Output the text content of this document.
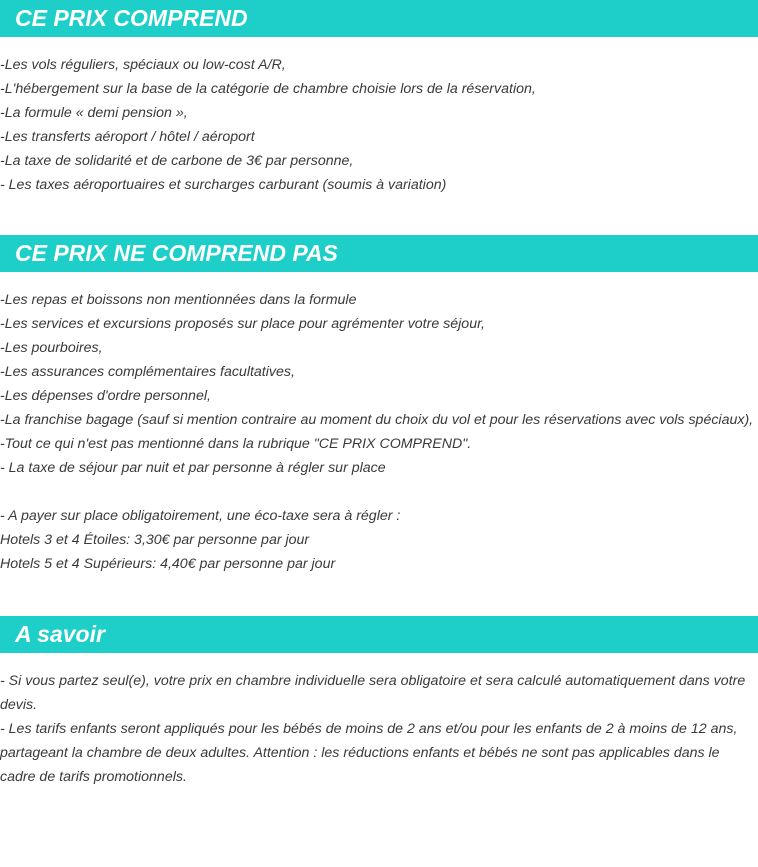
CE PRIX COMPREND
-Les vols réguliers, spéciaux ou low-cost A/R,
-L'hébergement sur la base de la catégorie de chambre choisie lors de la réservation,
-La formule « demi pension »,
-Les transferts aéroport / hôtel / aéroport
-La taxe de solidarité et de carbone de 3€ par personne,
- Les taxes aéroportuaires et surcharges carburant (soumis à variation)
CE PRIX NE COMPREND PAS
-Les repas et boissons non mentionnées dans la formule
-Les services et excursions proposés sur place pour agrémenter votre séjour,
-Les pourboires,
-Les assurances complémentaires facultatives,
-Les dépenses d'ordre personnel,
-La franchise bagage (sauf si mention contraire au moment du choix du vol et pour les réservations avec vols spéciaux),
-Tout ce qui n'est pas mentionné dans la rubrique "CE PRIX COMPREND".
- La taxe de séjour par nuit et par personne à régler sur place
- A payer sur place obligatoirement, une éco-taxe sera à régler :
Hotels 3 et 4 Étoiles: 3,30€ par personne par jour
Hotels 5 et 4 Supérieurs: 4,40€ par personne par jour
A savoir
- Si vous partez seul(e), votre prix en chambre individuelle sera obligatoire et sera calculé automatiquement dans votre devis.
- Les tarifs enfants seront appliqués pour les bébés de moins de 2 ans et/ou pour les enfants de 2 à moins de 12 ans, partageant la chambre de deux adultes. Attention : les réductions enfants et bébés ne sont pas applicables dans le cadre de tarifs promotionnels.
